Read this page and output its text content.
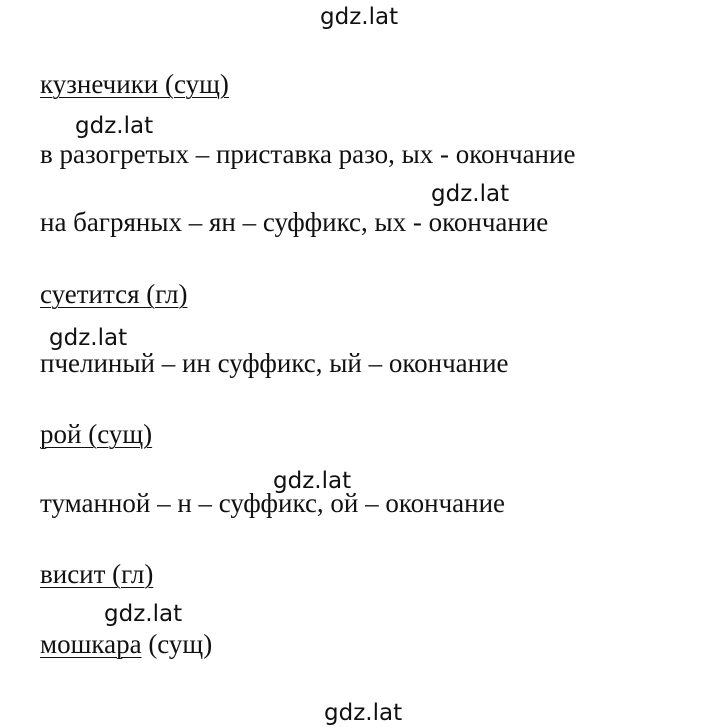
gdz.lat
gdz.lat
gdz.lat
gdz.lat
gdz.lat
gdz.lat
gdz.lat
кузнечики (сущ)
в разогретых – приставка разо, ых - окончание
на багряных – ян – суффикс, ых - окончание
суетится (гл)
пчелиный – ин суффикс, ый – окончание
рой (сущ)
туманной – н – суффикс, ой – окончание
висит (гл)
мошкара (сущ)
